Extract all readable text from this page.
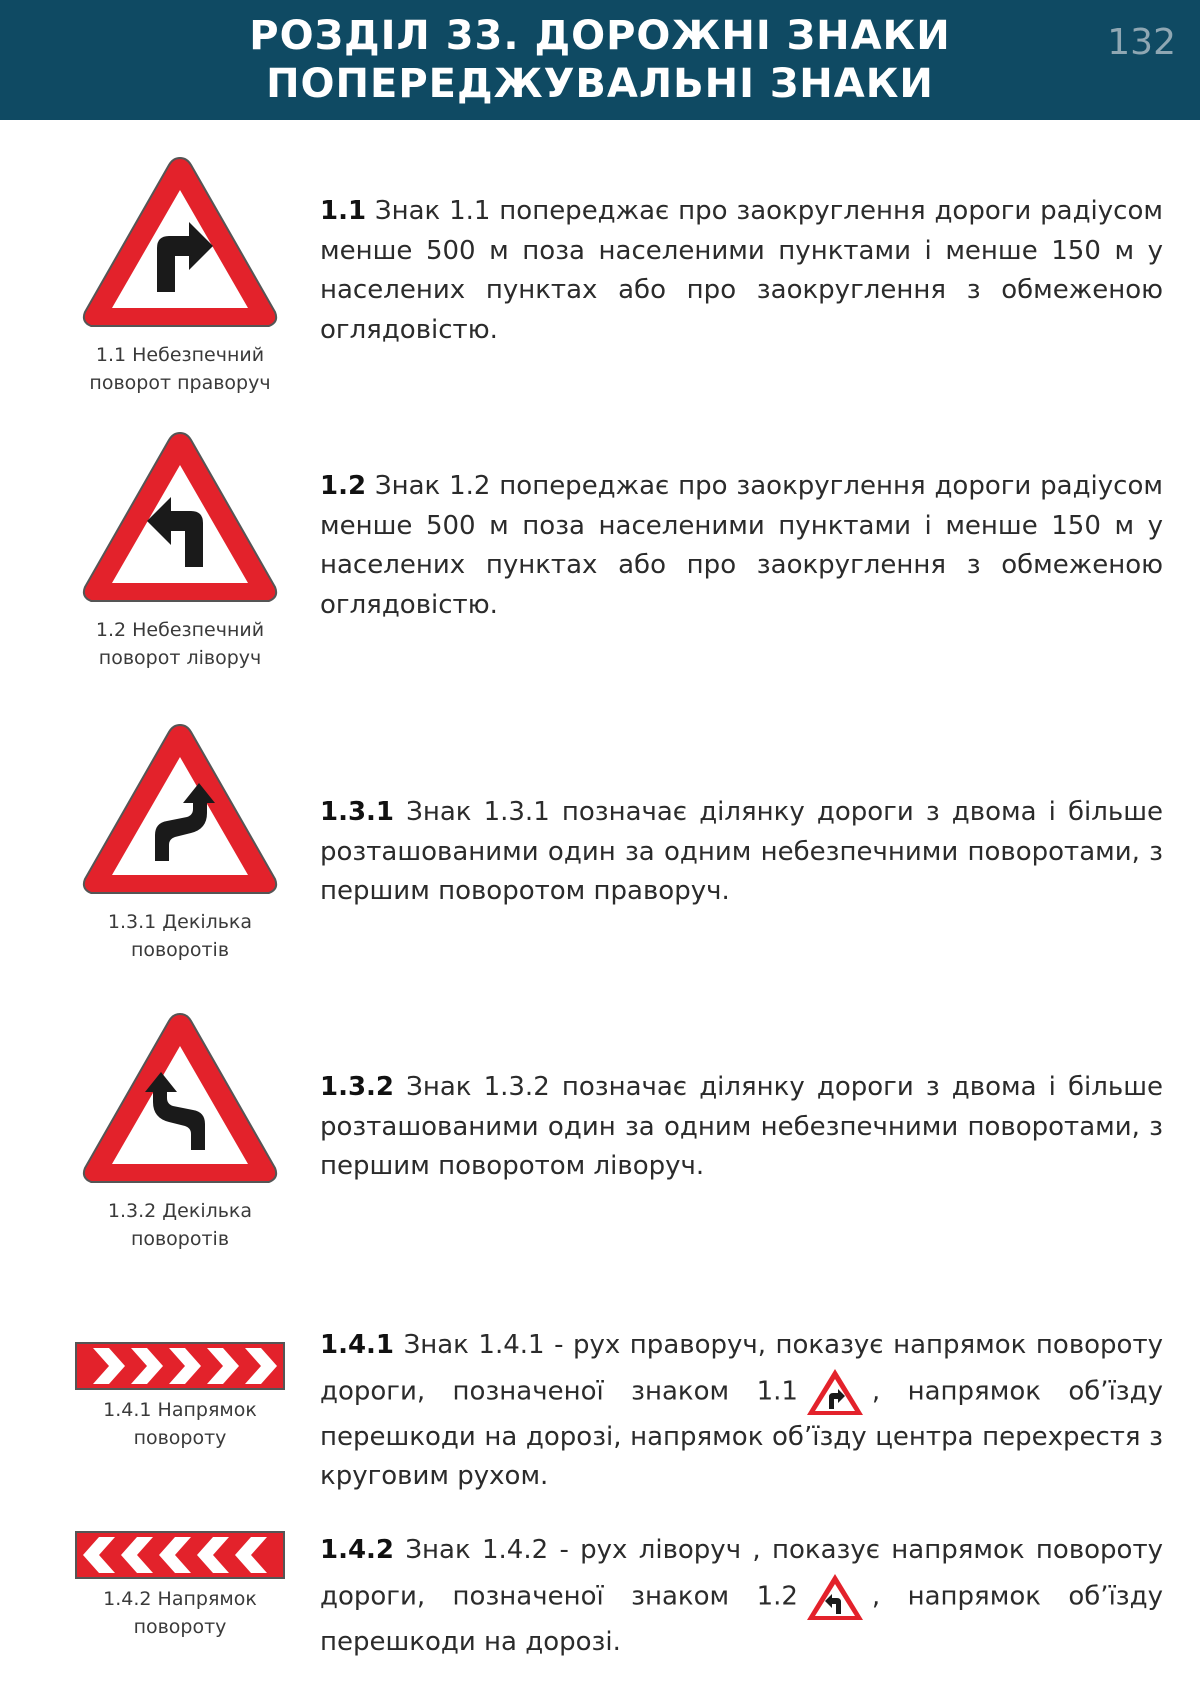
РОЗДІЛ 33. ДОРОЖНІ ЗНАКИ
ПОПЕРЕДЖУВАЛЬНІ ЗНАКИ
132
1.1 Небезпечний
поворот праворуч

1.1 Знак 1.1 попереджає про заокруглення дороги радіусом менше 500 м поза населеними пунктами і менше 150 м у населених пунктах або про заокруглення з обмеженою оглядовістю.

1.2 Небезпечний
поворот ліворуч

1.2 Знак 1.2 попереджає про заокруглення дороги радіусом менше 500 м поза населеними пунктами і менше 150 м у населених пунктах або про заокруглення з обмеженою оглядовістю.

1.3.1 Декілька
поворотів

1.3.1 Знак 1.3.1 позначає ділянку дороги з двома і більше розташованими один за одним небезпечними поворотами, з першим поворотом праворуч.

1.3.2 Декілька
поворотів

1.3.2 Знак 1.3.2 позначає ділянку дороги з двома і більше розташованими один за одним небезпечними поворотами, з першим поворотом ліворуч.

1.4.1 Напрямок
повороту

1.4.1 Знак 1.4.1 - рух праворуч, показує напрямок повороту дороги, позначеної знаком 1.1	, напрямок об’їзду перешкоди на дорозі, напрямок об’їзду центра перехрестя з круговим рухом.

1.4.2 Напрямок
повороту

1.4.2 Знак 1.4.2 - рух ліворуч , показує напрямок повороту дороги, позначеної знаком 1.2	, напрямок об’їзду перешкоди на дорозі.
